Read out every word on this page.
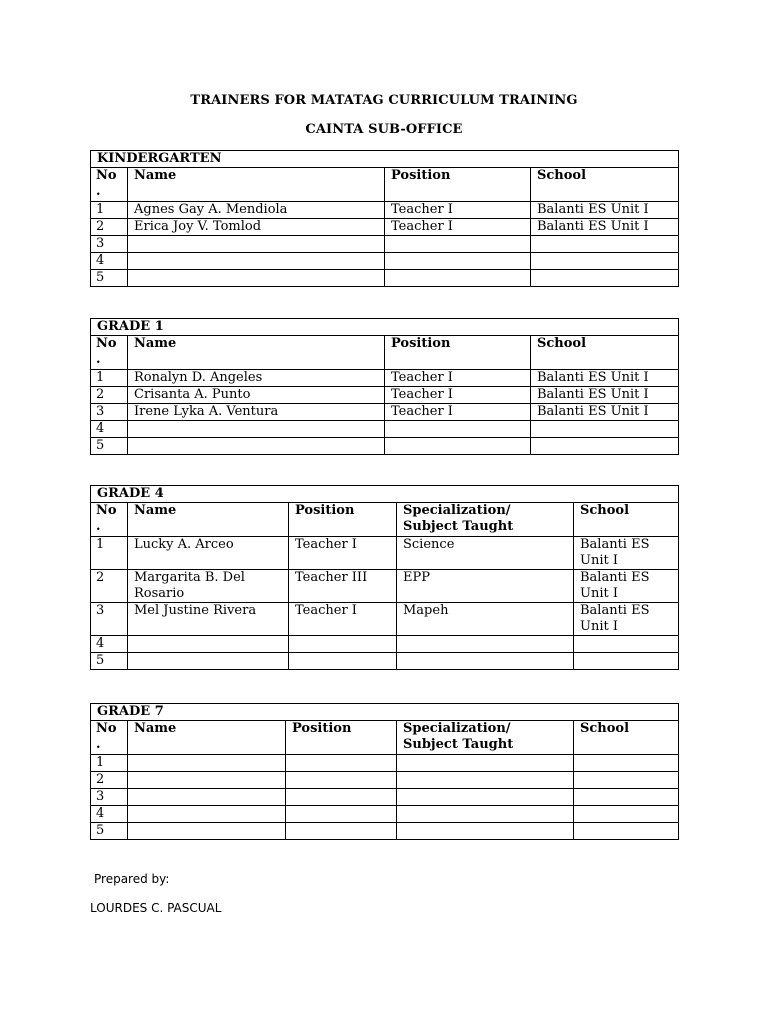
TRAINERS FOR MATATAG CURRICULUM TRAINING
CAINTA SUB-OFFICE
KINDERGARTEN			
No .	Name	Position	School
1	Agnes Gay A. Mendiola	Teacher I	Balanti ES Unit I
2	Erica Joy V. Tomlod	Teacher I	Balanti ES Unit I
3			
4			
5			
GRADE 1			
No .	Name	Position	School
1	Ronalyn D. Angeles	Teacher I	Balanti ES Unit I
2	Crisanta A. Punto	Teacher I	Balanti ES Unit I
3	Irene Lyka A. Ventura	Teacher I	Balanti ES Unit I
4			
5			
GRADE 4				
No .	Name	Position	Specialization/ Subject Taught	School
1	Lucky A. Arceo	Teacher I	Science	Balanti ES Unit I
2	Margarita B. Del Rosario	Teacher III	EPP	Balanti ES Unit I
3	Mel Justine Rivera	Teacher I	Mapeh	Balanti ES Unit I
4				
5				
GRADE 7				
No .	Name	Position	Specialization/ Subject Taught	School
1				
2				
3				
4				
5				
Prepared by:
LOURDES C. PASCUAL
